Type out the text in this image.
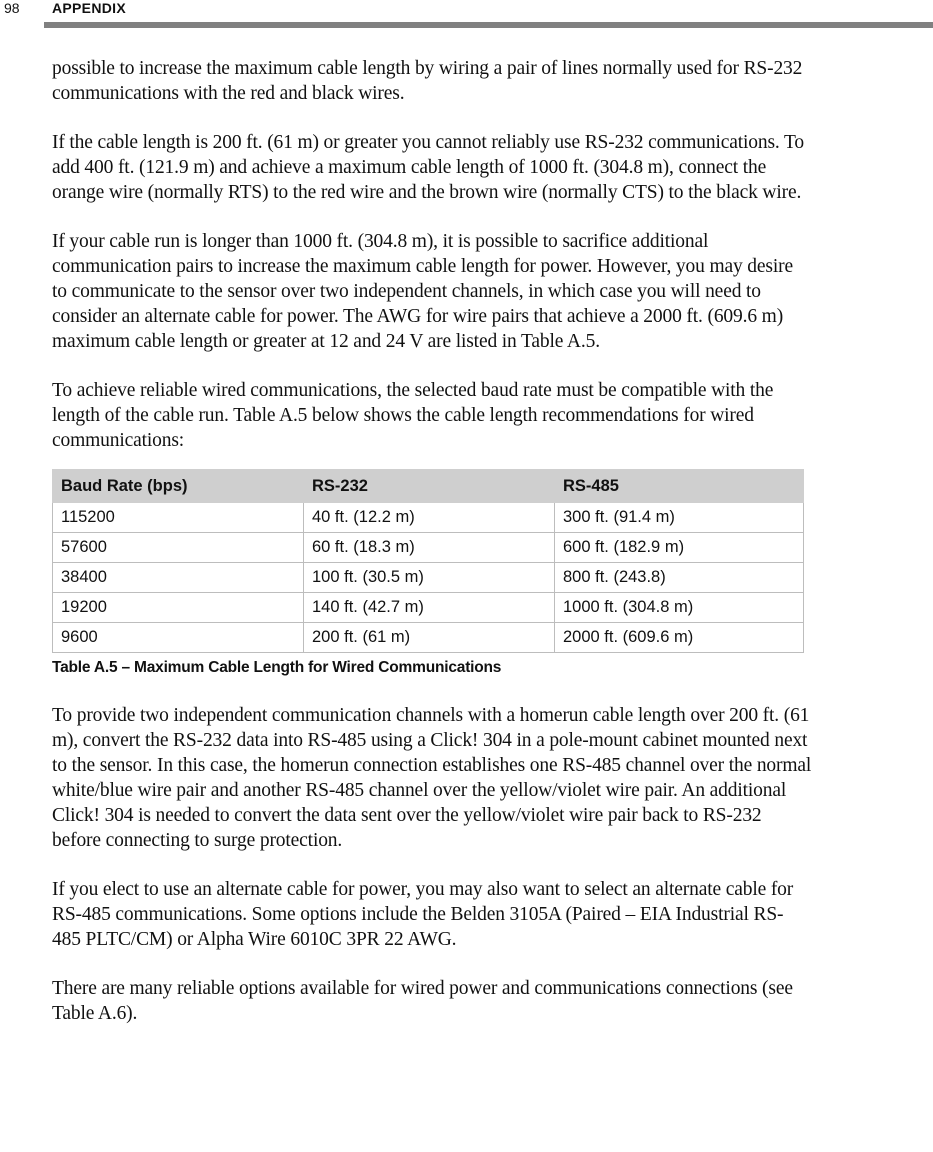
98 APPENDIX

possible to increase the maximum cable length by wiring a pair of lines normally used for RS-232 communications with the red and black wires.

If the cable length is 200 ft. (61 m) or greater you cannot reliably use RS-232 communications. To add 400 ft. (121.9 m) and achieve a maximum cable length of 1000 ft. (304.8 m), connect the orange wire (normally RTS) to the red wire and the brown wire (normally CTS) to the black wire.

If your cable run is longer than 1000 ft. (304.8 m), it is possible to sacrifice additional communication pairs to increase the maximum cable length for power. However, you may desire to communicate to the sensor over two independent channels, in which case you will need to consider an alternate cable for power. The AWG for wire pairs that achieve a 2000 ft. (609.6 m) maximum cable length or greater at 12 and 24 V are listed in Table A.5.

To achieve reliable wired communications, the selected baud rate must be compatible with the length of the cable run. Table A.5 below shows the cable length recommendations for wired communications:

Baud Rate (bps)	RS-232	RS-485
115200	40 ft. (12.2 m)	300 ft. (91.4 m)
57600	60 ft. (18.3 m)	600 ft. (182.9 m)
38400	100 ft. (30.5 m)	800 ft. (243.8)
19200	140 ft. (42.7 m)	1000 ft. (304.8 m)
9600	200 ft. (61 m)	2000 ft. (609.6 m)
Table A.5 – Maximum Cable Length for Wired Communications

To provide two independent communication channels with a homerun cable length over 200 ft. (61 m), convert the RS-232 data into RS-485 using a Click! 304 in a pole-mount cabinet mounted next to the sensor. In this case, the homerun connection establishes one RS-485 channel over the normal white/blue wire pair and another RS-485 channel over the yellow/violet wire pair. An additional Click! 304 is needed to convert the data sent over the yellow/violet wire pair back to RS-232 before connecting to surge protection.

If you elect to use an alternate cable for power, you may also want to select an alternate cable for RS-485 communications. Some options include the Belden 3105A (Paired – EIA Industrial RS-485 PLTC/CM) or Alpha Wire 6010C 3PR 22 AWG.

There are many reliable options available for wired power and communications connections (see Table A.6).
